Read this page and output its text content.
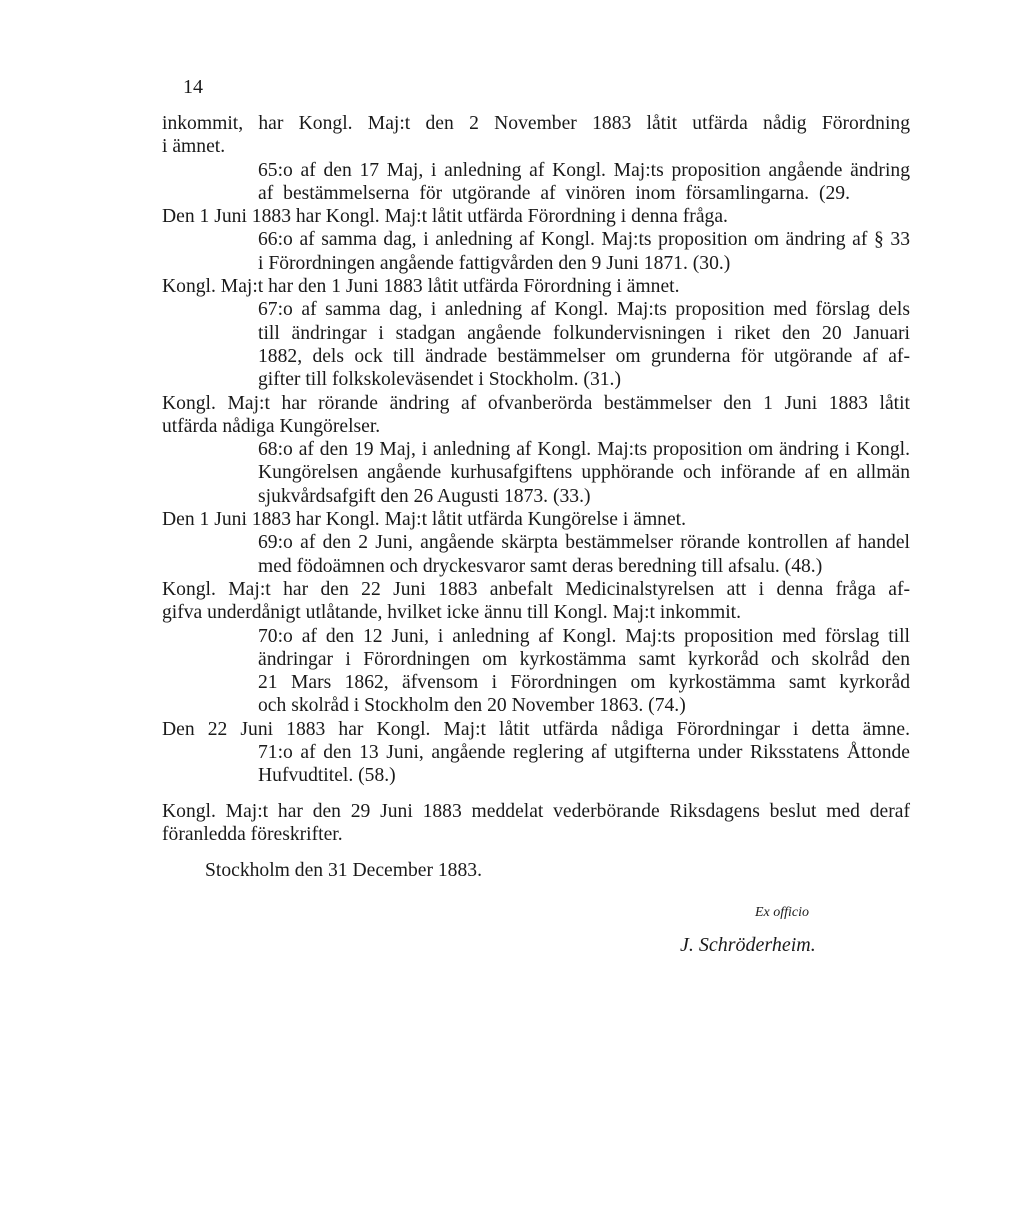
14
inkommit, har Kongl. Maj:t den 2 November 1883 låtit utfärda nådig Förordning
i ämnet.
65:o af den 17 Maj, i anledning af Kongl. Maj:ts proposition angående ändring
af bestämmelserna för utgörande af vinören inom församlingarna. (29.
Den 1 Juni 1883 har Kongl. Maj:t låtit utfärda Förordning i denna fråga.
66:o af samma dag, i anledning af Kongl. Maj:ts proposition om ändring af § 33
i Förordningen angående fattigvården den 9 Juni 1871. (30.)
Kongl. Maj:t har den 1 Juni 1883 låtit utfärda Förordning i ämnet.
67:o af samma dag, i anledning af Kongl. Maj:ts proposition med förslag dels
till ändringar i stadgan angående folkundervisningen i riket den 20 Januari
1882, dels ock till ändrade bestämmelser om grunderna för utgörande af af-
gifter till folkskoleväsendet i Stockholm. (31.)
Kongl. Maj:t har rörande ändring af ofvanberörda bestämmelser den 1 Juni 1883 låtit
utfärda nådiga Kungörelser.
68:o af den 19 Maj, i anledning af Kongl. Maj:ts proposition om ändring i Kongl.
Kungörelsen angående kurhusafgiftens upphörande och införande af en allmän
sjukvårdsafgift den 26 Augusti 1873. (33.)
Den 1 Juni 1883 har Kongl. Maj:t låtit utfärda Kungörelse i ämnet.
69:o af den 2 Juni, angående skärpta bestämmelser rörande kontrollen af handel
med födoämnen och dryckesvaror samt deras beredning till afsalu. (48.)
Kongl. Maj:t har den 22 Juni 1883 anbefalt Medicinalstyrelsen att i denna fråga af-
gifva underdånigt utlåtande, hvilket icke ännu till Kongl. Maj:t inkommit.
70:o af den 12 Juni, i anledning af Kongl. Maj:ts proposition med förslag till
ändringar i Förordningen om kyrkostämma samt kyrkoråd och skolråd den
21 Mars 1862, äfvensom i Förordningen om kyrkostämma samt kyrkoråd
och skolråd i Stockholm den 20 November 1863. (74.)
Den 22 Juni 1883 har Kongl. Maj:t låtit utfärda nådiga Förordningar i detta ämne.
71:o af den 13 Juni, angående reglering af utgifterna under Riksstatens Åttonde
Hufvudtitel. (58.)
Kongl. Maj:t har den 29 Juni 1883 meddelat vederbörande Riksdagens beslut med deraf
föranledda föreskrifter.
Stockholm den 31 December 1883.
Ex officio
J. Schröderheim.
